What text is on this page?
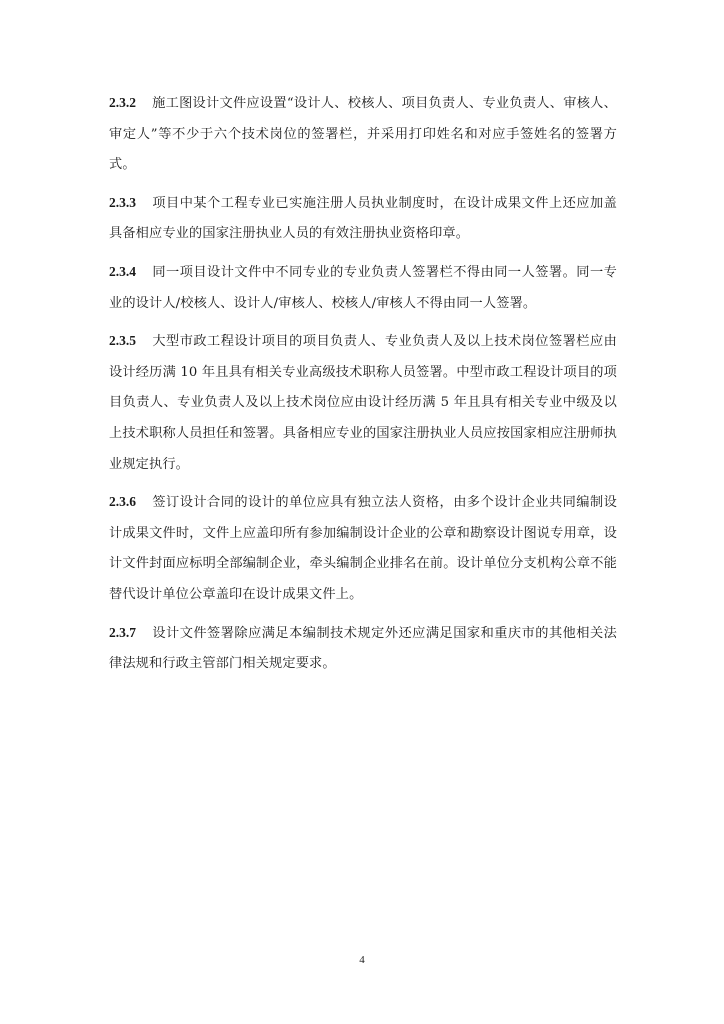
2.3.2 施工图设计文件应设置“设计人、校核人、项目负责人、专业负责人、审核人、审定人”等不少于六个技术岗位的签署栏，并采用打印姓名和对应手签姓名的签署方式。

2.3.3 项目中某个工程专业已实施注册人员执业制度时，在设计成果文件上还应加盖具备相应专业的国家注册执业人员的有效注册执业资格印章。

2.3.4 同一项目设计文件中不同专业的专业负责人签署栏不得由同一人签署。同一专业的设计人/校核人、设计人/审核人、校核人/审核人不得由同一人签署。

2.3.5 大型市政工程设计项目的项目负责人、专业负责人及以上技术岗位签署栏应由设计经历满 10 年且具有相关专业高级技术职称人员签署。中型市政工程设计项目的项目负责人、专业负责人及以上技术岗位应由设计经历满 5 年且具有相关专业中级及以上技术职称人员担任和签署。具备相应专业的国家注册执业人员应按国家相应注册师执业规定执行。

2.3.6 签订设计合同的设计的单位应具有独立法人资格，由多个设计企业共同编制设计成果文件时，文件上应盖印所有参加编制设计企业的公章和勘察设计图说专用章，设计文件封面应标明全部编制企业，牵头编制企业排名在前。设计单位分支机构公章不能替代设计单位公章盖印在设计成果文件上。

2.3.7 设计文件签署除应满足本编制技术规定外还应满足国家和重庆市的其他相关法律法规和行政主管部门相关规定要求。

4
